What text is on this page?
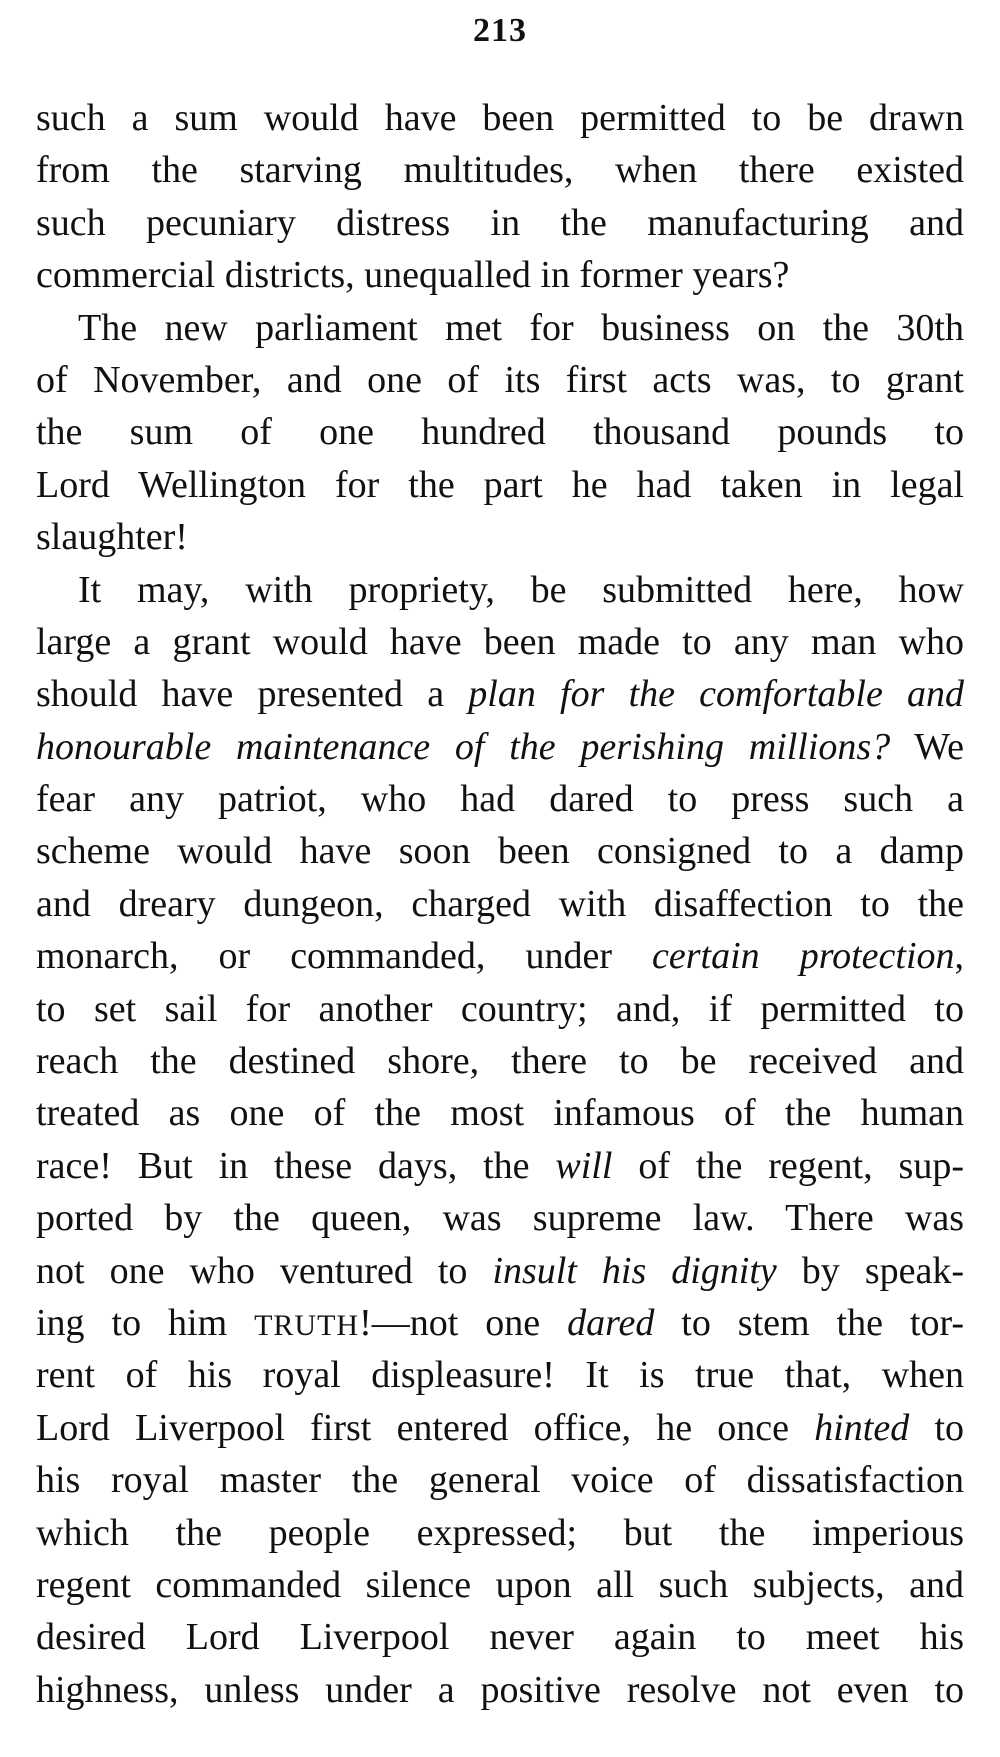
213
such a sum would have been permitted to be drawn
from the starving multitudes, when there existed
such pecuniary distress in the manufacturing and
commercial districts, unequalled in former years?
The new parliament met for business on the 30th
of November, and one of its first acts was, to grant
the sum of one hundred thousand pounds to
Lord Wellington for the part he had taken in legal
slaughter!
It may, with propriety, be submitted here, how
large a grant would have been made to any man who
should have presented a plan for the comfortable and
honourable maintenance of the perishing millions? We
fear any patriot, who had dared to press such a
scheme would have soon been consigned to a damp
and dreary dungeon, charged with disaffection to the
monarch, or commanded, under certain protection,
to set sail for another country; and, if permitted to
reach the destined shore, there to be received and
treated as one of the most infamous of the human
race! But in these days, the will of the regent, sup-
ported by the queen, was supreme law. There was
not one who ventured to insult his dignity by speak-
ing to him TRUTH!—not one dared to stem the tor-
rent of his royal displeasure! It is true that, when
Lord Liverpool first entered office, he once hinted to
his royal master the general voice of dissatisfaction
which the people expressed; but the imperious
regent commanded silence upon all such subjects, and
desired Lord Liverpool never again to meet his
highness, unless under a positive resolve not even to
